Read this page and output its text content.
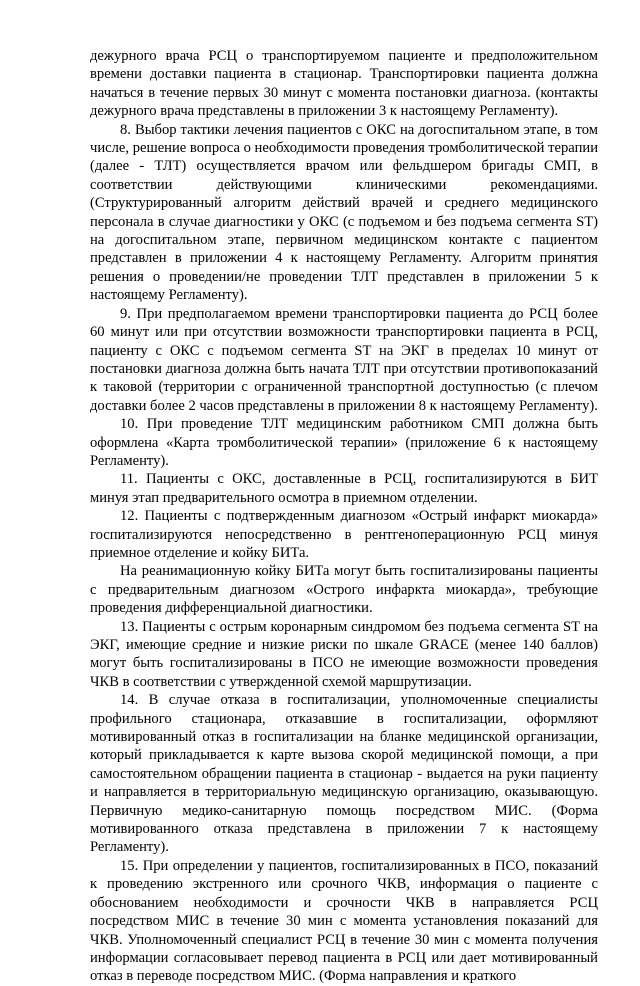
дежурного врача РСЦ о транспортируемом пациенте и предположительном времени доставки пациента в стационар. Транспортировки пациента должна начаться в течение первых 30 минут с момента постановки диагноза. (контакты дежурного врача представлены в приложении 3 к настоящему Регламенту).

8. Выбор тактики лечения пациентов с ОКС на догоспитальном этапе, в том числе, решение вопроса о необходимости проведения тромболитической терапии (далее - ТЛТ) осуществляется врачом или фельдшером бригады СМП, в соответствии действующими клиническими рекомендациями. (Структурированный алгоритм действий врачей и среднего медицинского персонала в случае диагностики у ОКС (с подъемом и без подъема сегмента ST) на догоспитальном этапе, первичном медицинском контакте с пациентом представлен в приложении 4 к настоящему Регламенту. Алгоритм принятия решения о проведении/не проведении ТЛТ представлен в приложении 5 к настоящему Регламенту).

9. При предполагаемом времени транспортировки пациента до РСЦ более 60 минут или при отсутствии возможности транспортировки пациента в РСЦ, пациенту с ОКС с подъемом сегмента ST на ЭКГ в пределах 10 минут от постановки диагноза должна быть начата ТЛТ при отсутствии противопоказаний к таковой (территории с ограниченной транспортной доступностью (с плечом доставки более 2 часов представлены в приложении 8 к настоящему Регламенту).

10. При проведение ТЛТ медицинским работником СМП должна быть оформлена «Карта тромболитической терапии» (приложение 6 к настоящему Регламенту).

11. Пациенты с ОКС, доставленные в РСЦ, госпитализируются в БИТ минуя этап предварительного осмотра в приемном отделении.

12. Пациенты с подтвержденным диагнозом «Острый инфаркт миокарда» госпитализируются непосредственно в рентгеноперационную РСЦ минуя приемное отделение и койку БИТа.

На реанимационную койку БИТа могут быть госпитализированы пациенты с предварительным диагнозом «Острого инфаркта миокарда», требующие проведения дифференциальной диагностики.

13. Пациенты с острым коронарным синдромом без подъема сегмента ST на ЭКГ, имеющие средние и низкие риски по шкале GRACE (менее 140 баллов) могут быть госпитализированы в ПСО не имеющие возможности проведения ЧКВ в соответствии с утвержденной схемой маршрутизации.

14. В случае отказа в госпитализации, уполномоченные специалисты профильного стационара, отказавшие в госпитализации, оформляют мотивированный отказ в госпитализации на бланке медицинской организации, который прикладывается к карте вызова скорой медицинской помощи, а при самостоятельном обращении пациента в стационар - выдается на руки пациенту и направляется в территориальную медицинскую организацию, оказывающую. Первичную медико-санитарную помощь посредством МИС. (Форма мотивированного отказа представлена в приложении 7 к настоящему Регламенту).

15. При определении у пациентов, госпитализированных в ПСО, показаний к проведению экстренного или срочного ЧКВ, информация о пациенте с обоснованием необходимости и срочности ЧКВ в направляется РСЦ посредством МИС в течение 30 мин с момента установления показаний для ЧКВ. Уполномоченный специалист РСЦ в течение 30 мин с момента получения информации согласовывает перевод пациента в РСЦ или дает мотивированный отказ в переводе посредством МИС. (Форма направления и краткого
